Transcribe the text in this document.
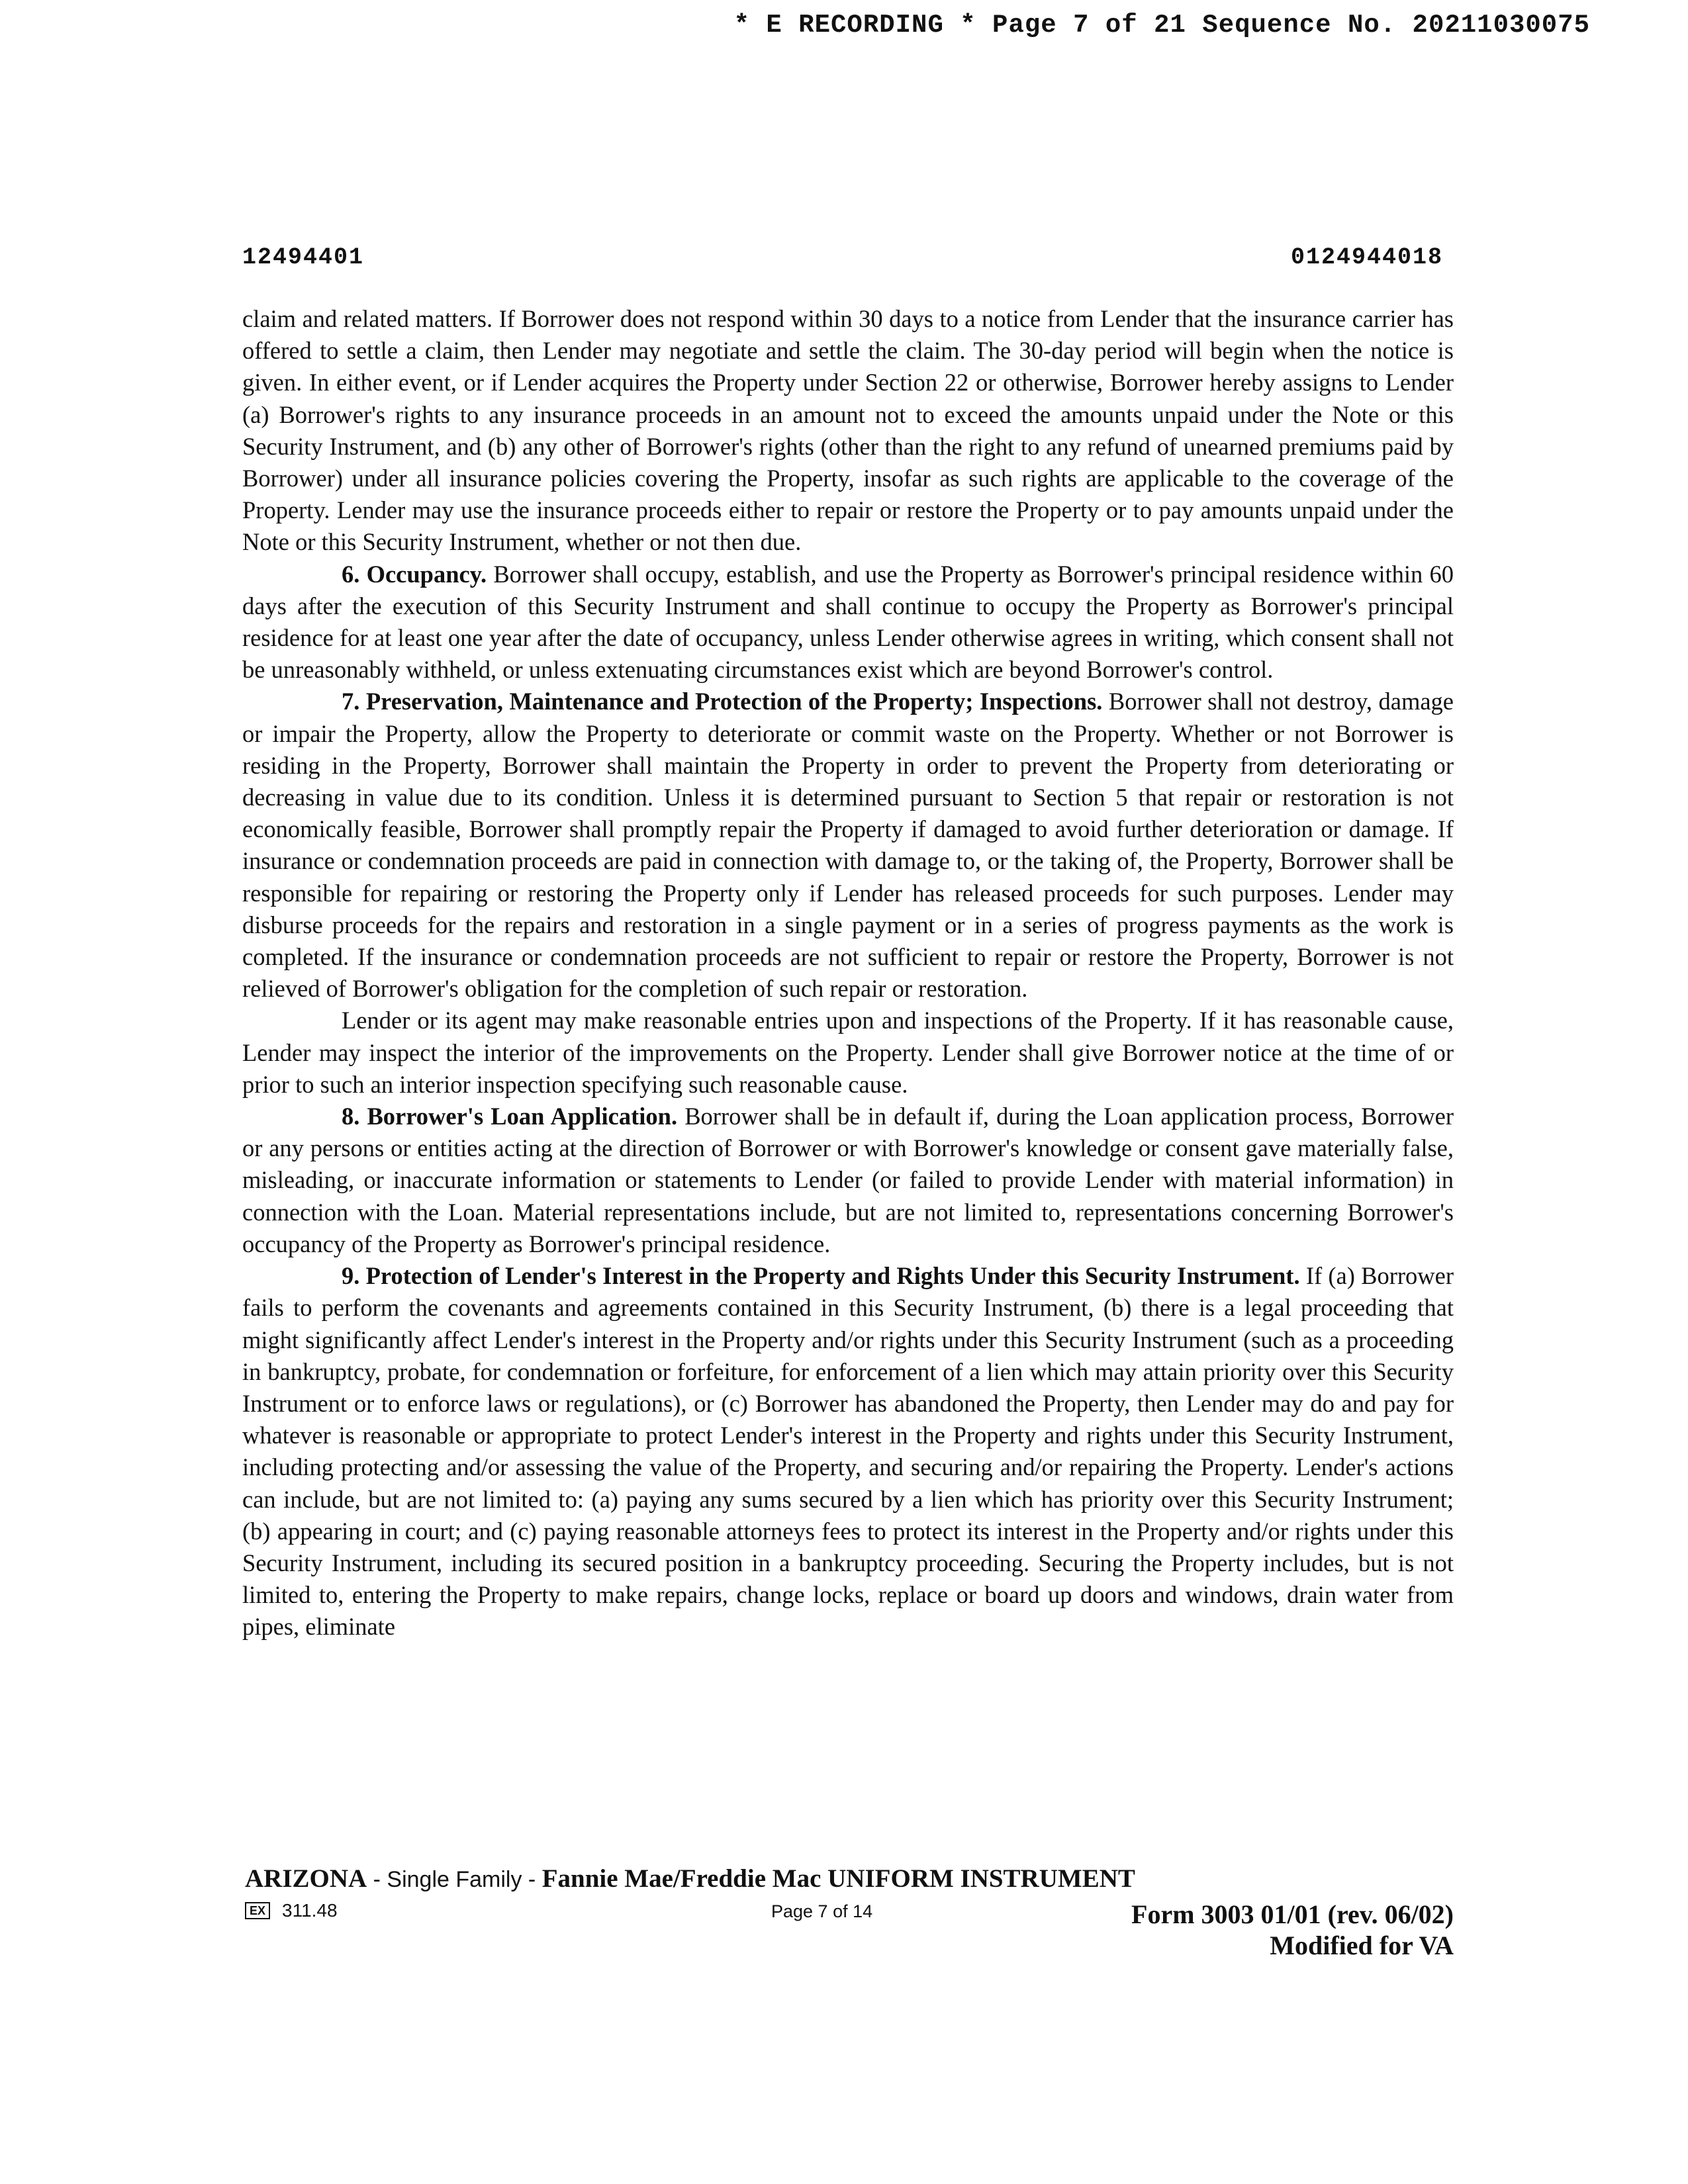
* E RECORDING * Page 7 of 21 Sequence No. 20211030075
12494401	0124944018

claim and related matters. If Borrower does not respond within 30 days to a notice from Lender that the insurance carrier has offered to settle a claim, then Lender may negotiate and settle the claim. The 30-day period will begin when the notice is given. In either event, or if Lender acquires the Property under Section 22 or otherwise, Borrower hereby assigns to Lender (a) Borrower's rights to any insurance proceeds in an amount not to exceed the amounts unpaid under the Note or this Security Instrument, and (b) any other of Borrower's rights (other than the right to any refund of unearned premiums paid by Borrower) under all insurance policies covering the Property, insofar as such rights are applicable to the coverage of the Property. Lender may use the insurance proceeds either to repair or restore the Property or to pay amounts unpaid under the Note or this Security Instrument, whether or not then due.

6. Occupancy. Borrower shall occupy, establish, and use the Property as Borrower's principal residence within 60 days after the execution of this Security Instrument and shall continue to occupy the Property as Borrower's principal residence for at least one year after the date of occupancy, unless Lender otherwise agrees in writing, which consent shall not be unreasonably withheld, or unless extenuating circumstances exist which are beyond Borrower's control.

7. Preservation, Maintenance and Protection of the Property; Inspections. Borrower shall not destroy, damage or impair the Property, allow the Property to deteriorate or commit waste on the Property. Whether or not Borrower is residing in the Property, Borrower shall maintain the Property in order to prevent the Property from deteriorating or decreasing in value due to its condition. Unless it is determined pursuant to Section 5 that repair or restoration is not economically feasible, Borrower shall promptly repair the Property if damaged to avoid further deterioration or damage. If insurance or condemnation proceeds are paid in connection with damage to, or the taking of, the Property, Borrower shall be responsible for repairing or restoring the Property only if Lender has released proceeds for such purposes. Lender may disburse proceeds for the repairs and restoration in a single payment or in a series of progress payments as the work is completed. If the insurance or condemnation proceeds are not sufficient to repair or restore the Property, Borrower is not relieved of Borrower's obligation for the completion of such repair or restoration.

Lender or its agent may make reasonable entries upon and inspections of the Property. If it has reasonable cause, Lender may inspect the interior of the improvements on the Property. Lender shall give Borrower notice at the time of or prior to such an interior inspection specifying such reasonable cause.

8. Borrower's Loan Application. Borrower shall be in default if, during the Loan application process, Borrower or any persons or entities acting at the direction of Borrower or with Borrower's knowledge or consent gave materially false, misleading, or inaccurate information or statements to Lender (or failed to provide Lender with material information) in connection with the Loan. Material representations include, but are not limited to, representations concerning Borrower's occupancy of the Property as Borrower's principal residence.

9. Protection of Lender's Interest in the Property and Rights Under this Security Instrument. If (a) Borrower fails to perform the covenants and agreements contained in this Security Instrument, (b) there is a legal proceeding that might significantly affect Lender's interest in the Property and/or rights under this Security Instrument (such as a proceeding in bankruptcy, probate, for condemnation or forfeiture, for enforcement of a lien which may attain priority over this Security Instrument or to enforce laws or regulations), or (c) Borrower has abandoned the Property, then Lender may do and pay for whatever is reasonable or appropriate to protect Lender's interest in the Property and rights under this Security Instrument, including protecting and/or assessing the value of the Property, and securing and/or repairing the Property. Lender's actions can include, but are not limited to: (a) paying any sums secured by a lien which has priority over this Security Instrument; (b) appearing in court; and (c) paying reasonable attorneys fees to protect its interest in the Property and/or rights under this Security Instrument, including its secured position in a bankruptcy proceeding. Securing the Property includes, but is not limited to, entering the Property to make repairs, change locks, replace or board up doors and windows, drain water from pipes, eliminate

ARIZONA - Single Family - Fannie Mae/Freddie Mac UNIFORM INSTRUMENT
EX 311.48	Page 7 of 14	Form 3003 01/01 (rev. 06/02)
Modified for VA
